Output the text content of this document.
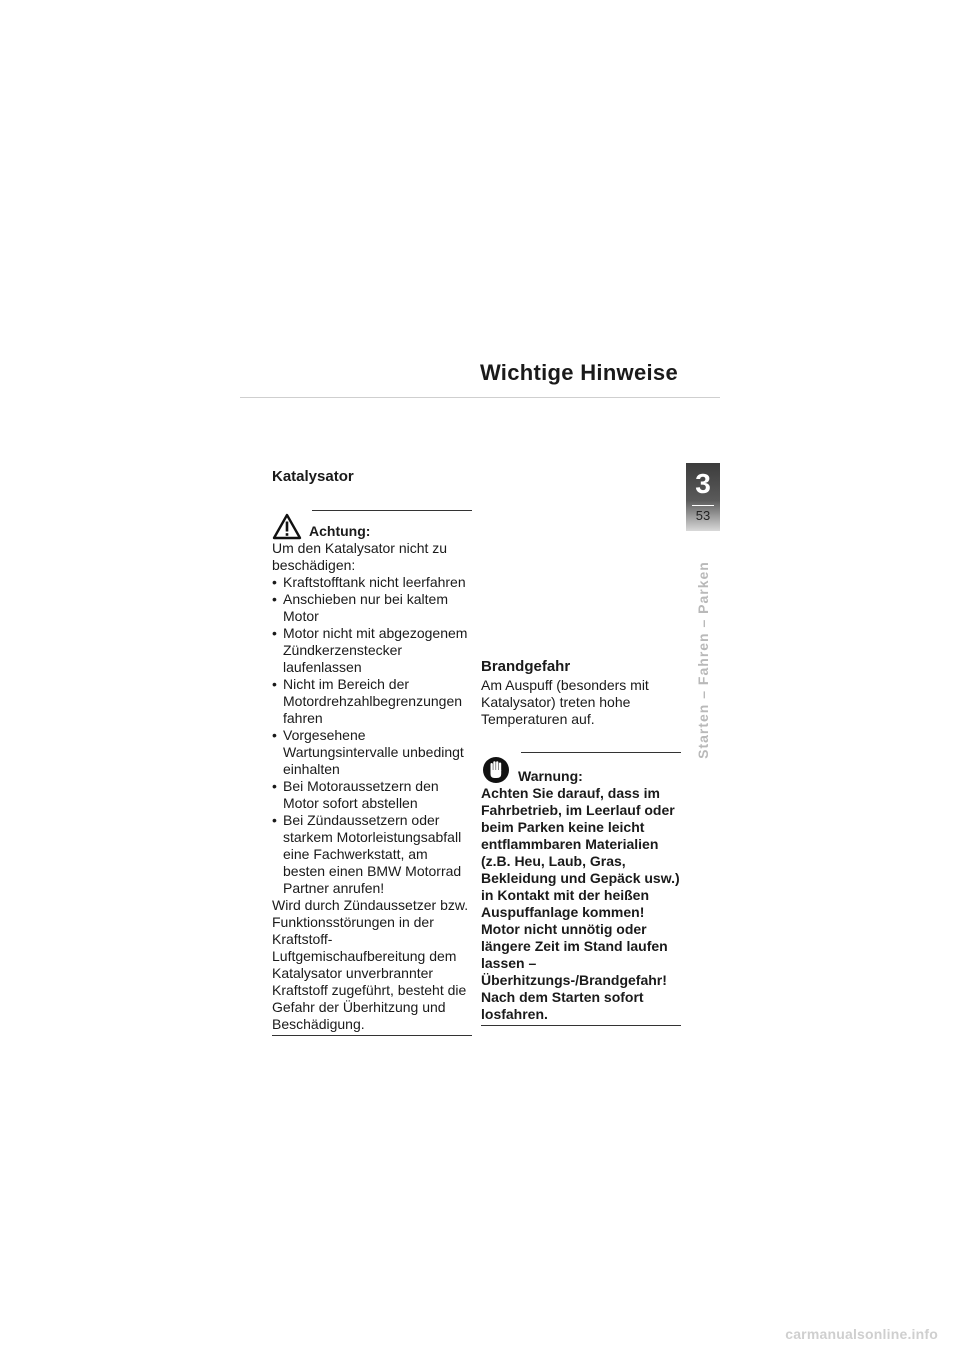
Wichtige Hinweise
3
53
Starten – Fahren – Parken
Katalysator
Achtung:

Um den Katalysator nicht zu beschädigen:

• Kraftstofftank nicht leerfahren
• Anschieben nur bei kaltem Motor
• Motor nicht mit abgezogenem Zündkerzenstecker laufenlassen
• Nicht im Bereich der Motordrehzahlbegrenzungen fahren
• Vorgesehene Wartungsintervalle unbedingt einhalten
• Bei Motoraussetzern den Motor sofort abstellen
• Bei Zündaussetzern oder starkem Motorleistungsabfall eine Fachwerkstatt, am besten einen BMW Motorrad Partner anrufen!

Wird durch Zündaussetzer bzw. Funktionsstörungen in der Kraftstoff-Luftgemischaufbereitung dem Katalysator unverbrannter Kraftstoff zugeführt, besteht die Gefahr der Überhitzung und Beschädigung.

Brandgefahr

Am Auspuff (besonders mit Katalysator) treten hohe Temperaturen auf.

Warnung:

Achten Sie darauf, dass im Fahrbetrieb, im Leerlauf oder beim Parken keine leicht entflammbaren Materialien (z.B. Heu, Laub, Gras, Bekleidung und Gepäck usw.) in Kontakt mit der heißen Auspuffanlage kommen!

Motor nicht unnötig oder längere Zeit im Stand laufen lassen – Überhitzungs-/Brandgefahr! Nach dem Starten sofort losfahren.

carmanualsonline.info
